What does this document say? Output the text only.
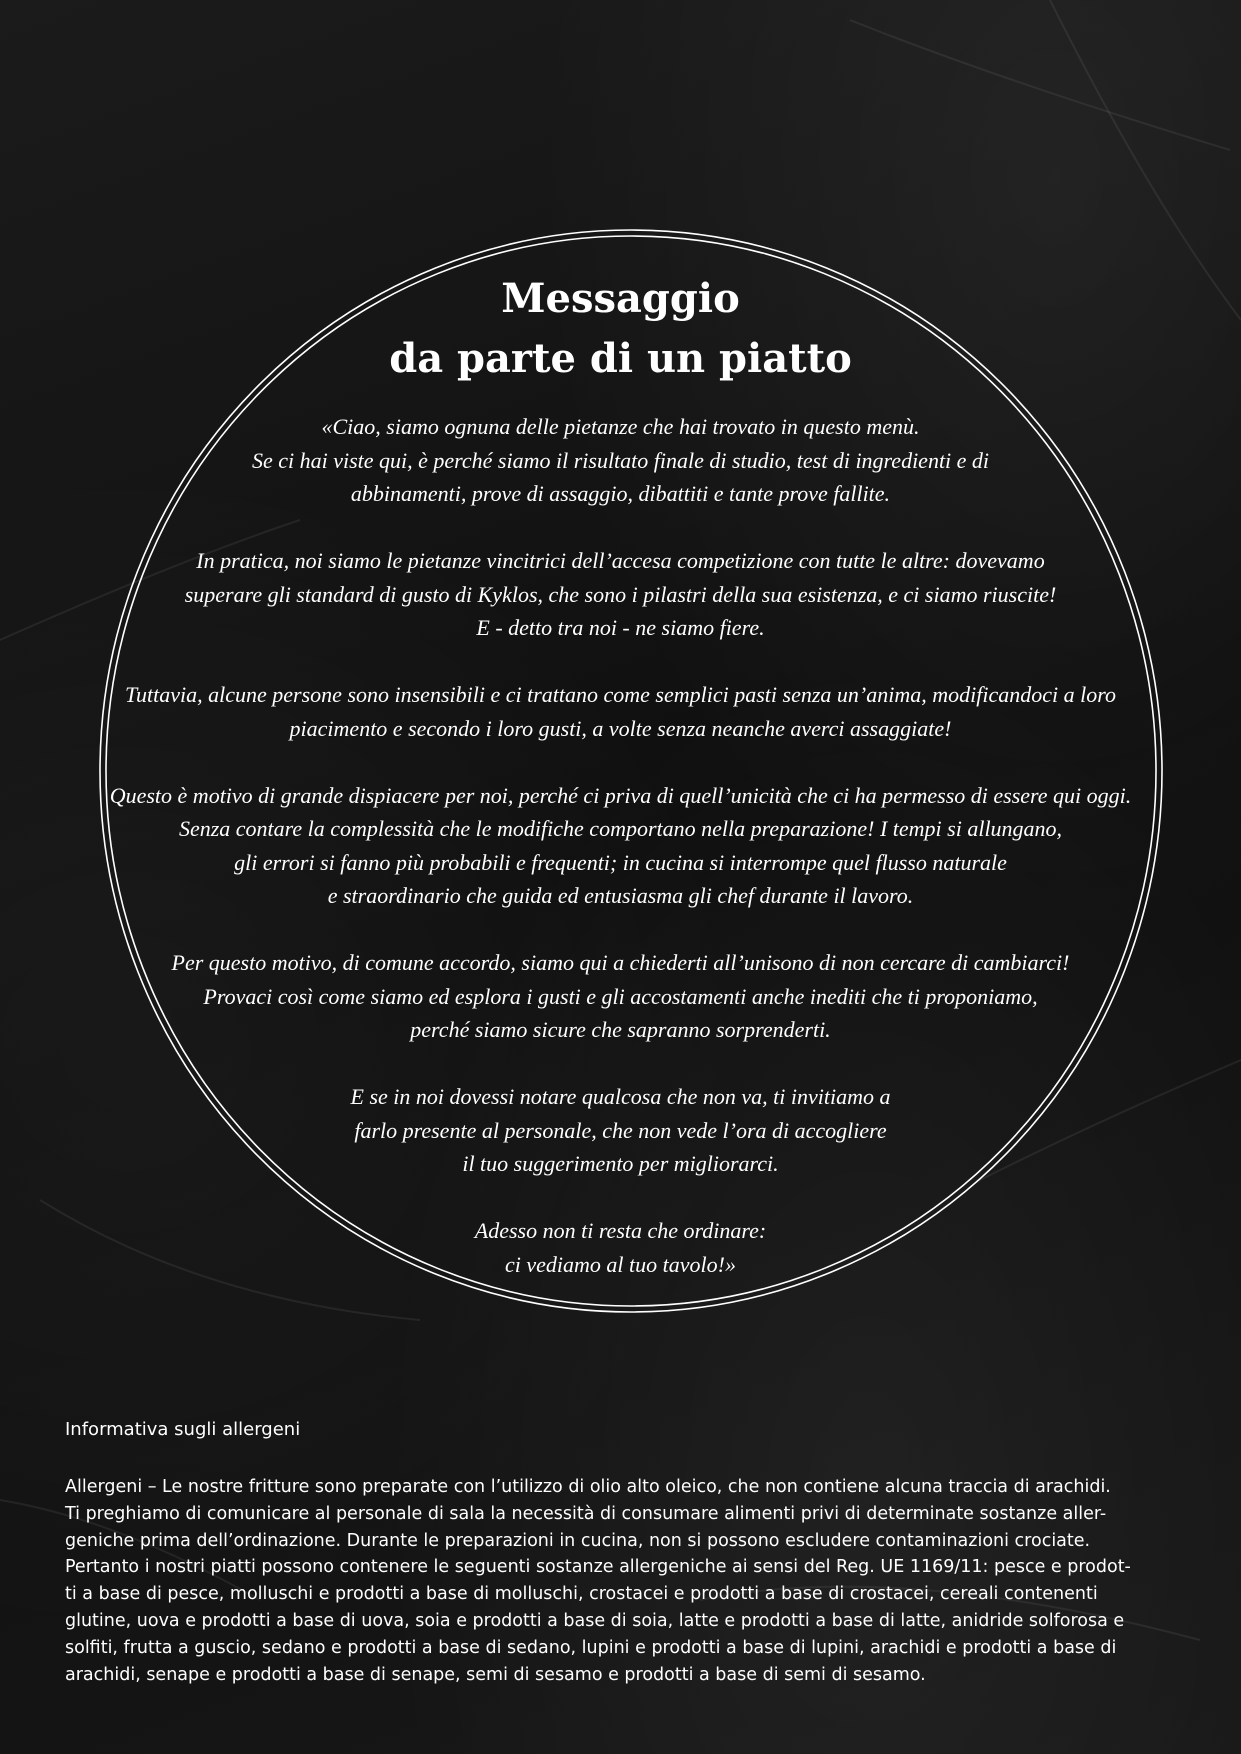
Messaggio
da parte di un piatto

«Ciao, siamo ognuna delle pietanze che hai trovato in questo menù.
Se ci hai viste qui, è perché siamo il risultato finale di studio, test di ingredienti e di
abbinamenti, prove di assaggio, dibattiti e tante prove fallite.

In pratica, noi siamo le pietanze vincitrici dell’accesa competizione con tutte le altre: dovevamo
superare gli standard di gusto di Kyklos, che sono i pilastri della sua esistenza, e ci siamo riuscite!
E - detto tra noi - ne siamo fiere.

Tuttavia, alcune persone sono insensibili e ci trattano come semplici pasti senza un’anima, modificandoci a loro
piacimento e secondo i loro gusti, a volte senza neanche averci assaggiate!

Questo è motivo di grande dispiacere per noi, perché ci priva di quell’unicità che ci ha permesso di essere qui oggi.
Senza contare la complessità che le modifiche comportano nella preparazione! I tempi si allungano,
gli errori si fanno più probabili e frequenti; in cucina si interrompe quel flusso naturale
e straordinario che guida ed entusiasma gli chef durante il lavoro.

Per questo motivo, di comune accordo, siamo qui a chiederti all’unisono di non cercare di cambiarci!
Provaci così come siamo ed esplora i gusti e gli accostamenti anche inediti che ti proponiamo,
perché siamo sicure che sapranno sorprenderti.

E se in noi dovessi notare qualcosa che non va, ti invitiamo a
farlo presente al personale, che non vede l’ora di accogliere
il tuo suggerimento per migliorarci.

Adesso non ti resta che ordinare:
ci vediamo al tuo tavolo!»

Informativa sugli allergeni
Allergeni – Le nostre fritture sono preparate con l’utilizzo di olio alto oleico, che non contiene alcuna traccia di arachidi.
Ti preghiamo di comunicare al personale di sala la necessità di consumare alimenti privi di determinate sostanze aller-
geniche prima dell’ordinazione. Durante le preparazioni in cucina, non si possono escludere contaminazioni crociate.
Pertanto i nostri piatti possono contenere le seguenti sostanze allergeniche ai sensi del Reg. UE 1169/11: pesce e prodot-
ti a base di pesce, molluschi e prodotti a base di molluschi, crostacei e prodotti a base di crostacei, cereali contenenti
glutine, uova e prodotti a base di uova, soia e prodotti a base di soia, latte e prodotti a base di latte, anidride solforosa e
solfiti, frutta a guscio, sedano e prodotti a base di sedano, lupini e prodotti a base di lupini, arachidi e prodotti a base di
arachidi, senape e prodotti a base di senape, semi di sesamo e prodotti a base di semi di sesamo.
